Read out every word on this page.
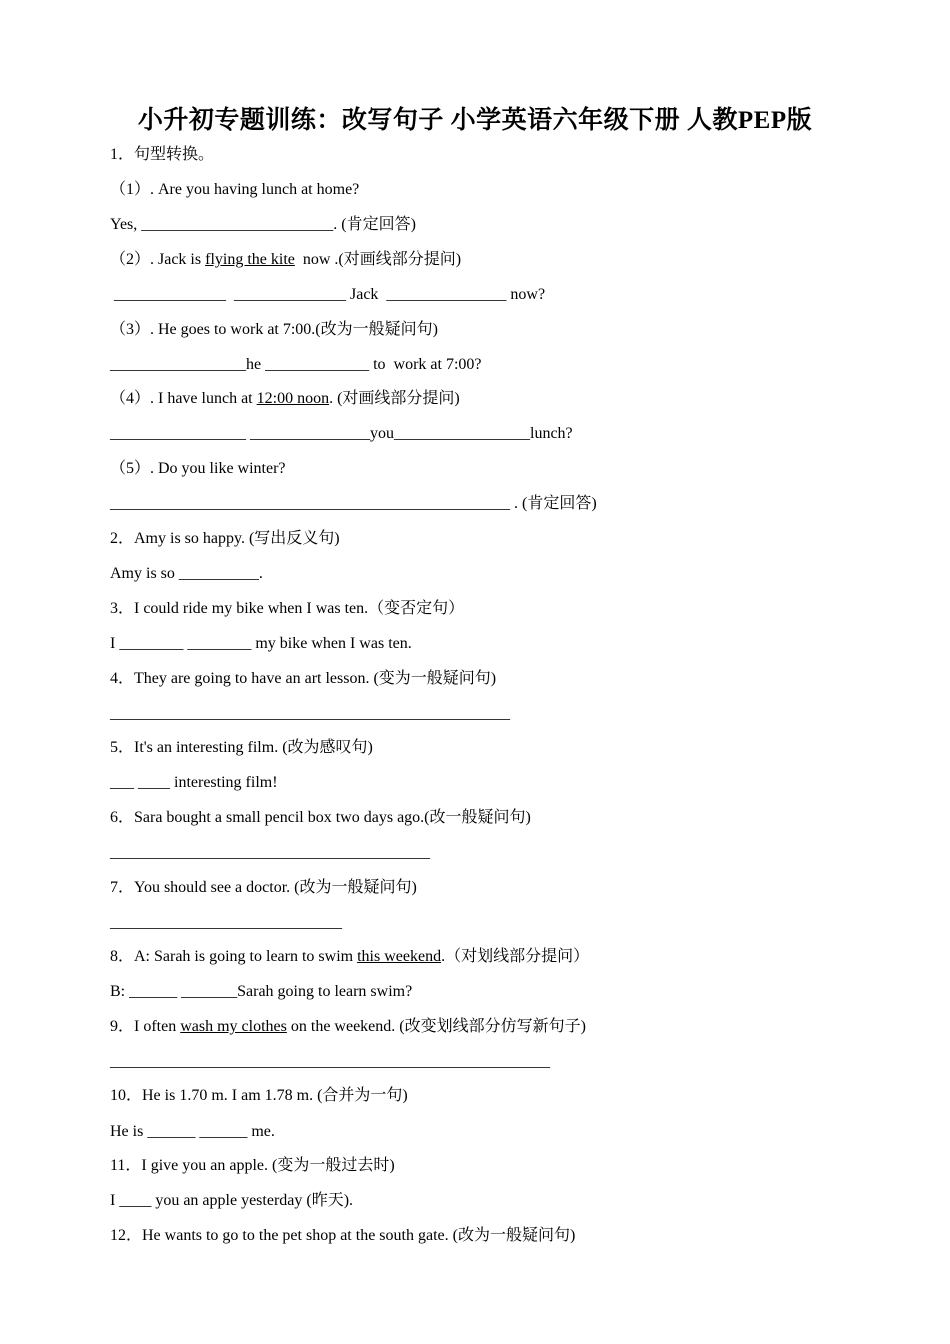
小升初专题训练：改写句子 小学英语六年级下册 人教PEP版
1．句型转换。
（1）. Are you having lunch at home?
Yes, ________________________. (肯定回答)
（2）. Jack is flying the kite  now .(对画线部分提问)
______________  ______________ Jack  _______________ now?
（3）. He goes to work at 7:00.(改为一般疑问句)
_________________he _____________ to  work at 7:00?
（4）. I have lunch at 12:00 noon. (对画线部分提问)
_________________ _______________you_________________lunch?
（5）. Do you like winter?
__________________________________________________ . (肯定回答)
2．Amy is so happy. (写出反义句)
Amy is so __________.
3．I could ride my bike when I was ten.（变否定句）
I ________ ________ my bike when I was ten.
4．They are going to have an art lesson. (变为一般疑问句)
__________________________________________________
5．It's an interesting film. (改为感叹句)
___ ____ interesting film!
6．Sara bought a small pencil box two days ago.(改一般疑问句)
________________________________________
7．You should see a doctor. (改为一般疑问句)
_____________________________
8．A: Sarah is going to learn to swim this weekend.（对划线部分提问）
B: ______ _______Sarah going to learn swim?
9．I often wash my clothes on the weekend. (改变划线部分仿写新句子)
_______________________________________________________
10．He is 1.70 m. I am 1.78 m. (合并为一句)
He is ______ ______ me.
11．I give you an apple. (变为一般过去时)
I ____ you an apple yesterday (昨天).
12．He wants to go to the pet shop at the south gate. (改为一般疑问句)
